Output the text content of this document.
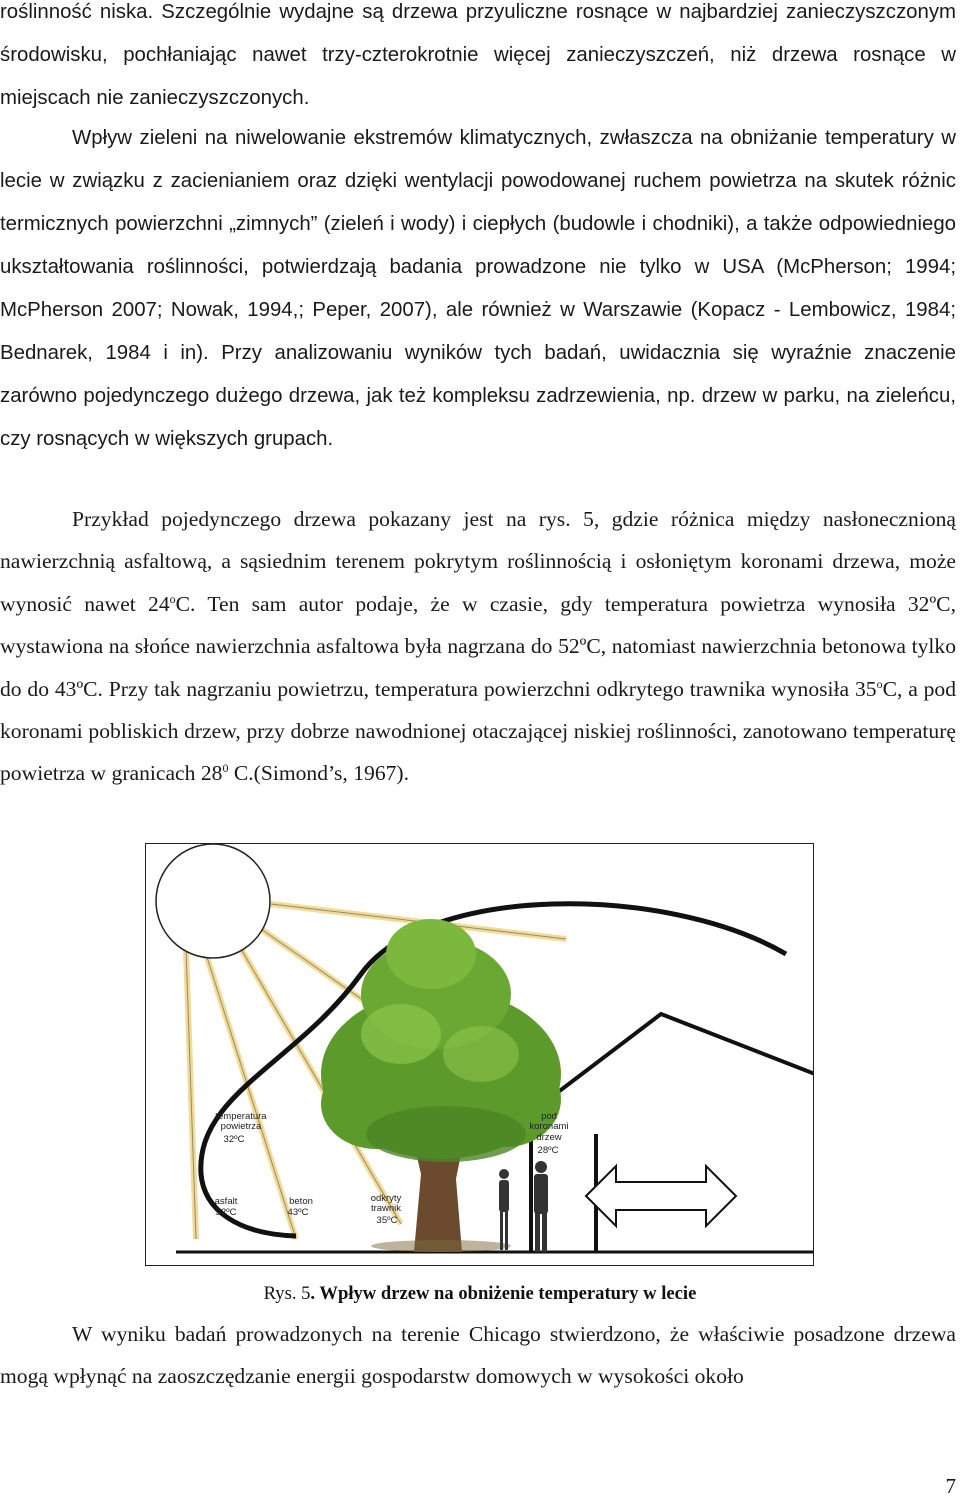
roślinność niska. Szczególnie wydajne są drzewa przyuliczne rosnące w najbardziej zanieczyszczonym środowisku, pochłaniając nawet trzy-czterokrotnie więcej zanieczyszczeń, niż drzewa rosnące w miejscach nie zanieczyszczonych.

Wpływ zieleni na niwelowanie ekstremów klimatycznych, zwłaszcza na obniżanie temperatury w lecie w związku z zacienianiem oraz dzięki wentylacji powodowanej ruchem powietrza na skutek różnic termicznych powierzchni „zimnych” (zieleń i wody) i ciepłych (budowle i chodniki), a także odpowiedniego ukształtowania roślinności, potwierdzają badania prowadzone nie tylko w USA (McPherson; 1994; McPherson 2007; Nowak, 1994,; Peper, 2007), ale również w Warszawie (Kopacz - Lembowicz, 1984; Bednarek, 1984 i in). Przy analizowaniu wyników tych badań, uwidacznia się wyraźnie znaczenie zarówno pojedynczego dużego drzewa, jak też kompleksu zadrzewienia, np. drzew w parku, na zieleńcu, czy rosnących w większych grupach.

Przykład pojedynczego drzewa pokazany jest na rys. 5, gdzie różnica między nasłonecznioną nawierzchnią asfaltową, a sąsiednim terenem pokrytym roślinnością i osłoniętym koronami drzewa, może wynosić nawet 24$^o$C. Ten sam autor podaje, że w czasie, gdy temperatura powietrza wynosiła 32ºC, wystawiona na słońce nawierzchnia asfaltowa była nagrzana do 52ºC, natomiast nawierzchnia betonowa tylko do do 43ºC. Przy tak nagrzaniu powietrzu, temperatura powierzchni odkrytego trawnika wynosiła 35$^o$C, a pod koronami pobliskich drzew, przy dobrze nawodnionej otaczającej niskiej roślinności, zanotowano temperaturę powietrza w granicach $28^0$ C.(Simond’s, 1967).

temperatura
powietrza
32ºC
asfalt
52ºC
beton
43ºC
odkryty
trawnik
35ºC
pod
koronami
drzew
28ºC
Rys. 5. Wpływ drzew na obniżenie temperatury w lecie

W wyniku badań prowadzonych na terenie Chicago stwierdzono, że właściwie posadzone drzewa mogą wpłynąć na zaoszczędzanie energii gospodarstw domowych w wysokości około

7
